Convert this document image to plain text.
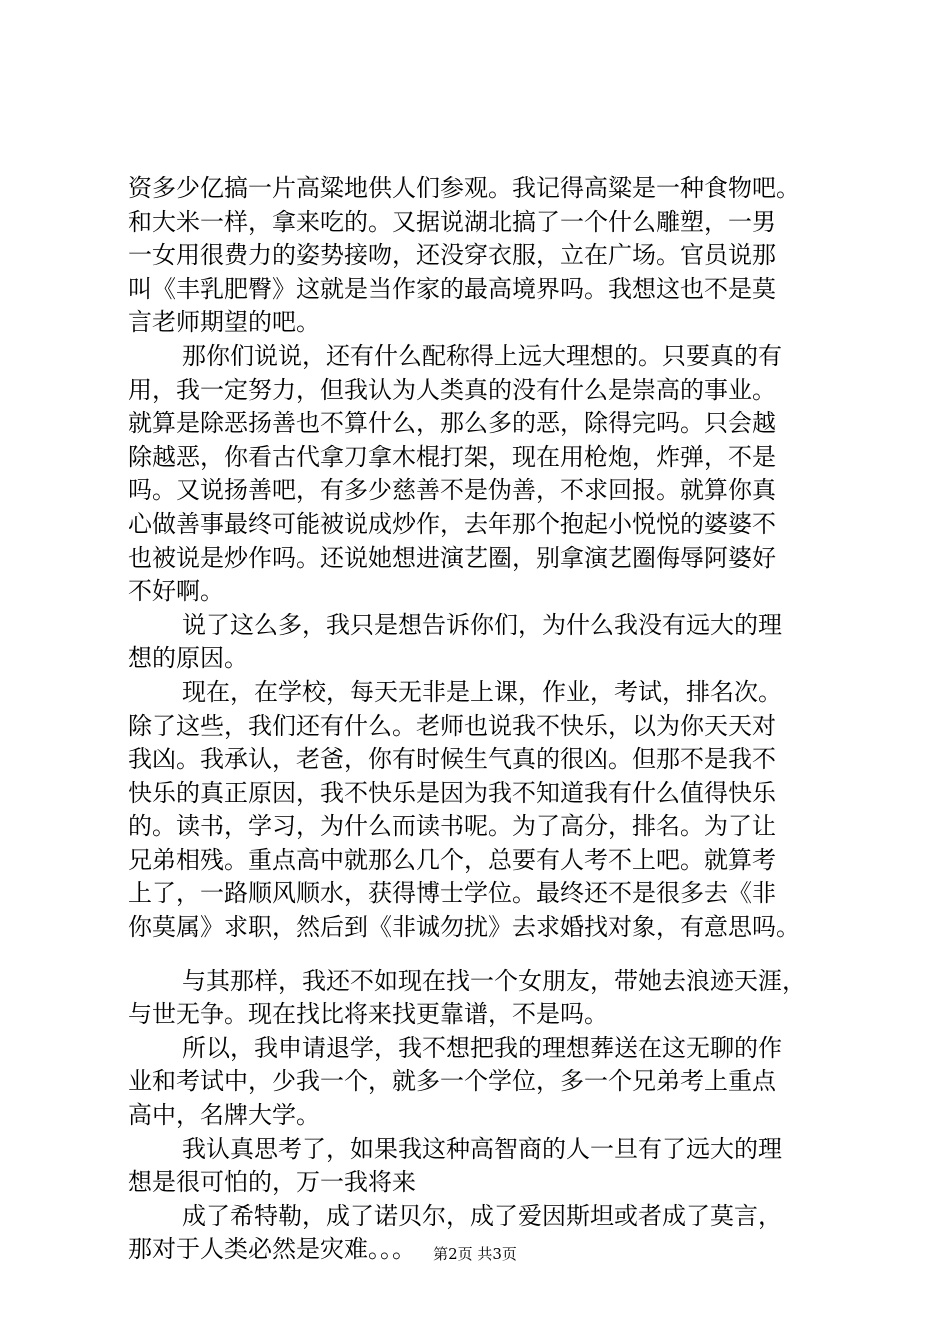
资多少亿搞一片高粱地供人们参观。我记得高粱是一种食物吧。
和大米一样，拿来吃的。又据说湖北搞了一个什么雕塑，一男
一女用很费力的姿势接吻，还没穿衣服，立在广场。官员说那
叫《丰乳肥臀》这就是当作家的最高境界吗。我想这也不是莫
言老师期望的吧。
那你们说说，还有什么配称得上远大理想的。只要真的有
用，我一定努力，但我认为人类真的没有什么是崇高的事业。
就算是除恶扬善也不算什么，那么多的恶，除得完吗。只会越
除越恶，你看古代拿刀拿木棍打架，现在用枪炮，炸弹，不是
吗。又说扬善吧，有多少慈善不是伪善，不求回报。就算你真
心做善事最终可能被说成炒作，去年那个抱起小悦悦的婆婆不
也被说是炒作吗。还说她想进演艺圈，别拿演艺圈侮辱阿婆好
不好啊。
说了这么多，我只是想告诉你们，为什么我没有远大的理
想的原因。
现在，在学校，每天无非是上课，作业，考试，排名次。
除了这些，我们还有什么。老师也说我不快乐，以为你天天对
我凶。我承认，老爸，你有时候生气真的很凶。但那不是我不
快乐的真正原因，我不快乐是因为我不知道我有什么值得快乐
的。读书，学习，为什么而读书呢。为了高分，排名。为了让
兄弟相残。重点高中就那么几个，总要有人考不上吧。就算考
上了，一路顺风顺水，获得博士学位。最终还不是很多去《非
你莫属》求职，然后到《非诚勿扰》去求婚找对象，有意思吗。
与其那样，我还不如现在找一个女朋友，带她去浪迹天涯，
与世无争。现在找比将来找更靠谱，不是吗。
所以，我申请退学，我不想把我的理想葬送在这无聊的作
业和考试中，少我一个，就多一个学位，多一个兄弟考上重点
高中，名牌大学。
我认真思考了，如果我这种高智商的人一旦有了远大的理
想是很可怕的，万一我将来
成了希特勒，成了诺贝尔，成了爱因斯坦或者成了莫言，
那对于人类必然是灾难。。。	第2页 共3页
